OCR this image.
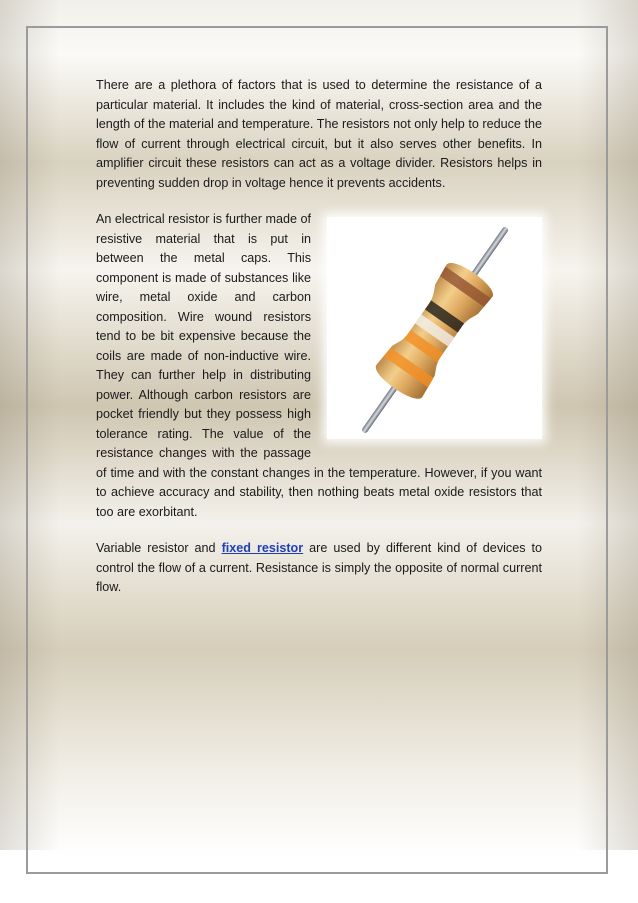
There are a plethora of factors that is used to determine the resistance of a particular material. It includes the kind of material, cross-section area and the length of the material and temperature. The resistors not only help to reduce the flow of current through electrical circuit, but it also serves other benefits. In amplifier circuit these resistors can act as a voltage divider. Resistors helps in preventing sudden drop in voltage hence it prevents accidents.

An electrical resistor is further made of resistive material that is put in between the metal caps. This component is made of substances like wire, metal oxide and carbon composition. Wire wound resistors tend to be bit expensive because the coils are made of non-inductive wire. They can further help in distributing power. Although carbon resistors are pocket friendly but they possess high tolerance rating. The value of the resistance changes with the passage of time and with the constant changes in the temperature. However, if you want to achieve accuracy and stability, then nothing beats metal oxide resistors that too are exorbitant.

Variable resistor and fixed resistor are used by different kind of devices to control the flow of a current. Resistance is simply the opposite of normal current flow.
